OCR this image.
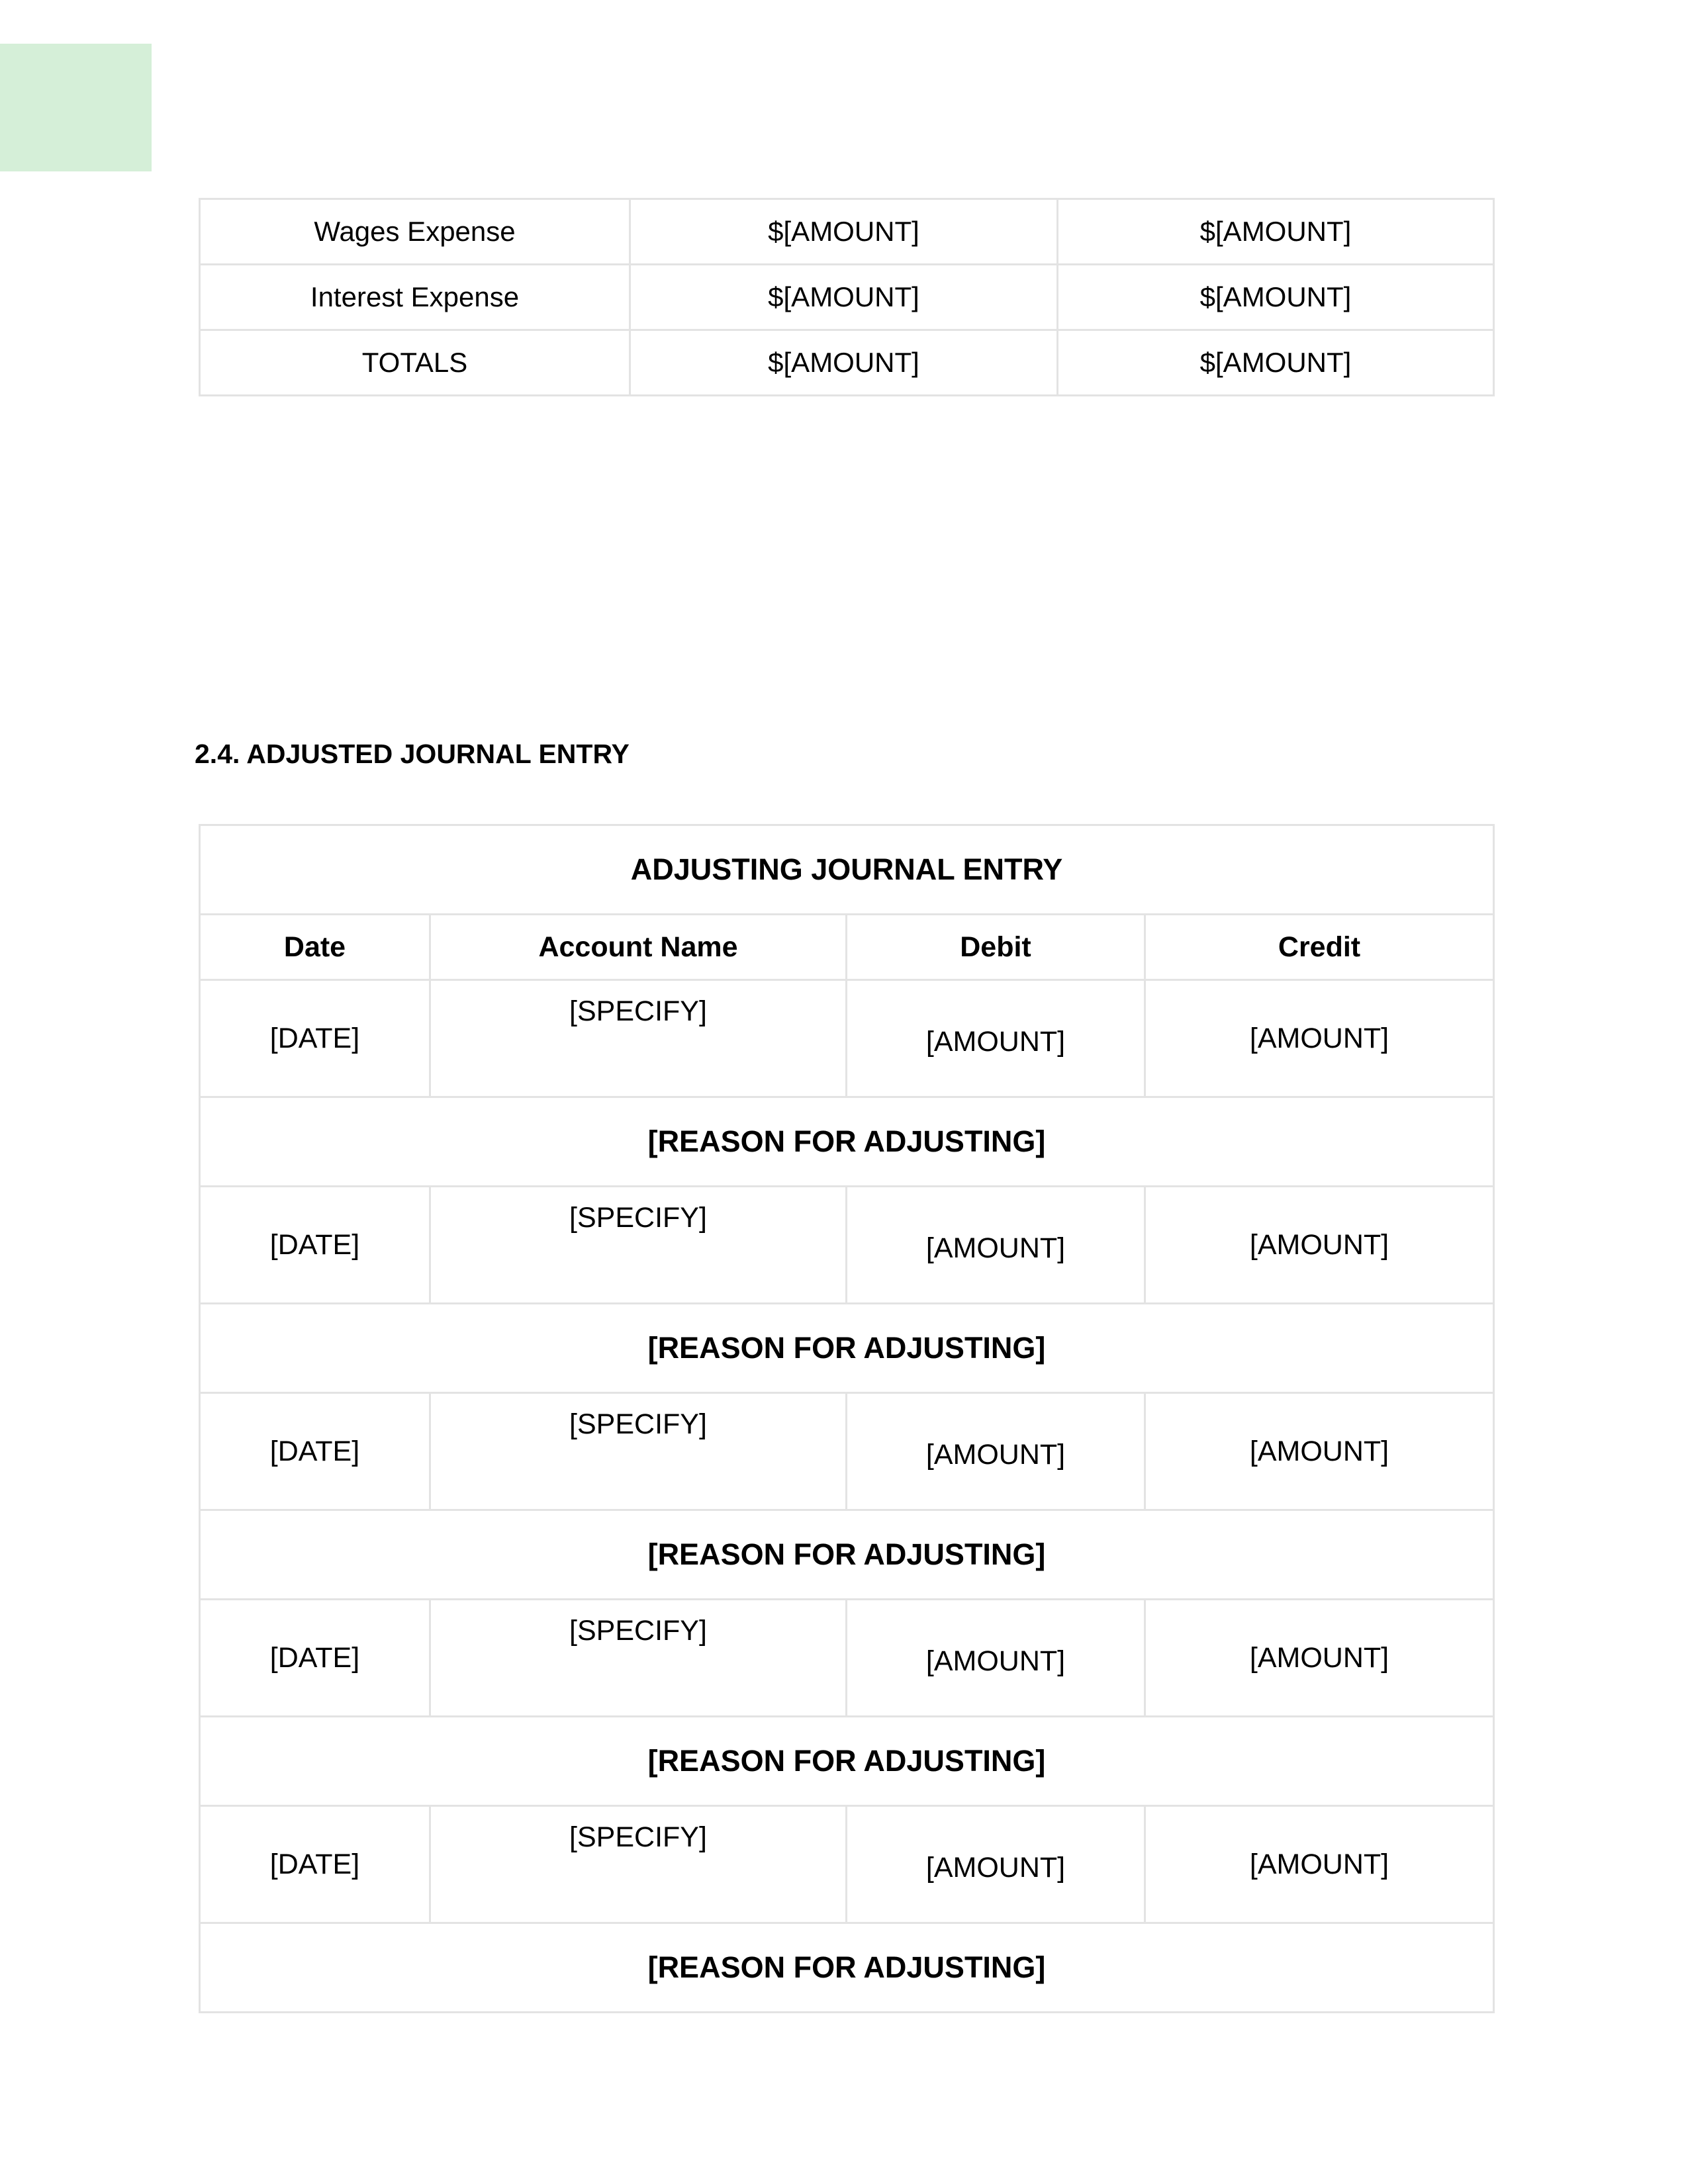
Wages Expense	$[AMOUNT]	$[AMOUNT]
Interest Expense	$[AMOUNT]	$[AMOUNT]
TOTALS	$[AMOUNT]	$[AMOUNT]
2.4. ADJUSTED JOURNAL ENTRY
ADJUSTING JOURNAL ENTRY			
Date	Account Name	Debit	Credit
[DATE]	[SPECIFY]	[AMOUNT]	[AMOUNT]
[REASON FOR ADJUSTING]			
[DATE]	[SPECIFY]	[AMOUNT]	[AMOUNT]
[REASON FOR ADJUSTING]			
[DATE]	[SPECIFY]	[AMOUNT]	[AMOUNT]
[REASON FOR ADJUSTING]			
[DATE]	[SPECIFY]	[AMOUNT]	[AMOUNT]
[REASON FOR ADJUSTING]			
[DATE]	[SPECIFY]	[AMOUNT]	[AMOUNT]
[REASON FOR ADJUSTING]			
